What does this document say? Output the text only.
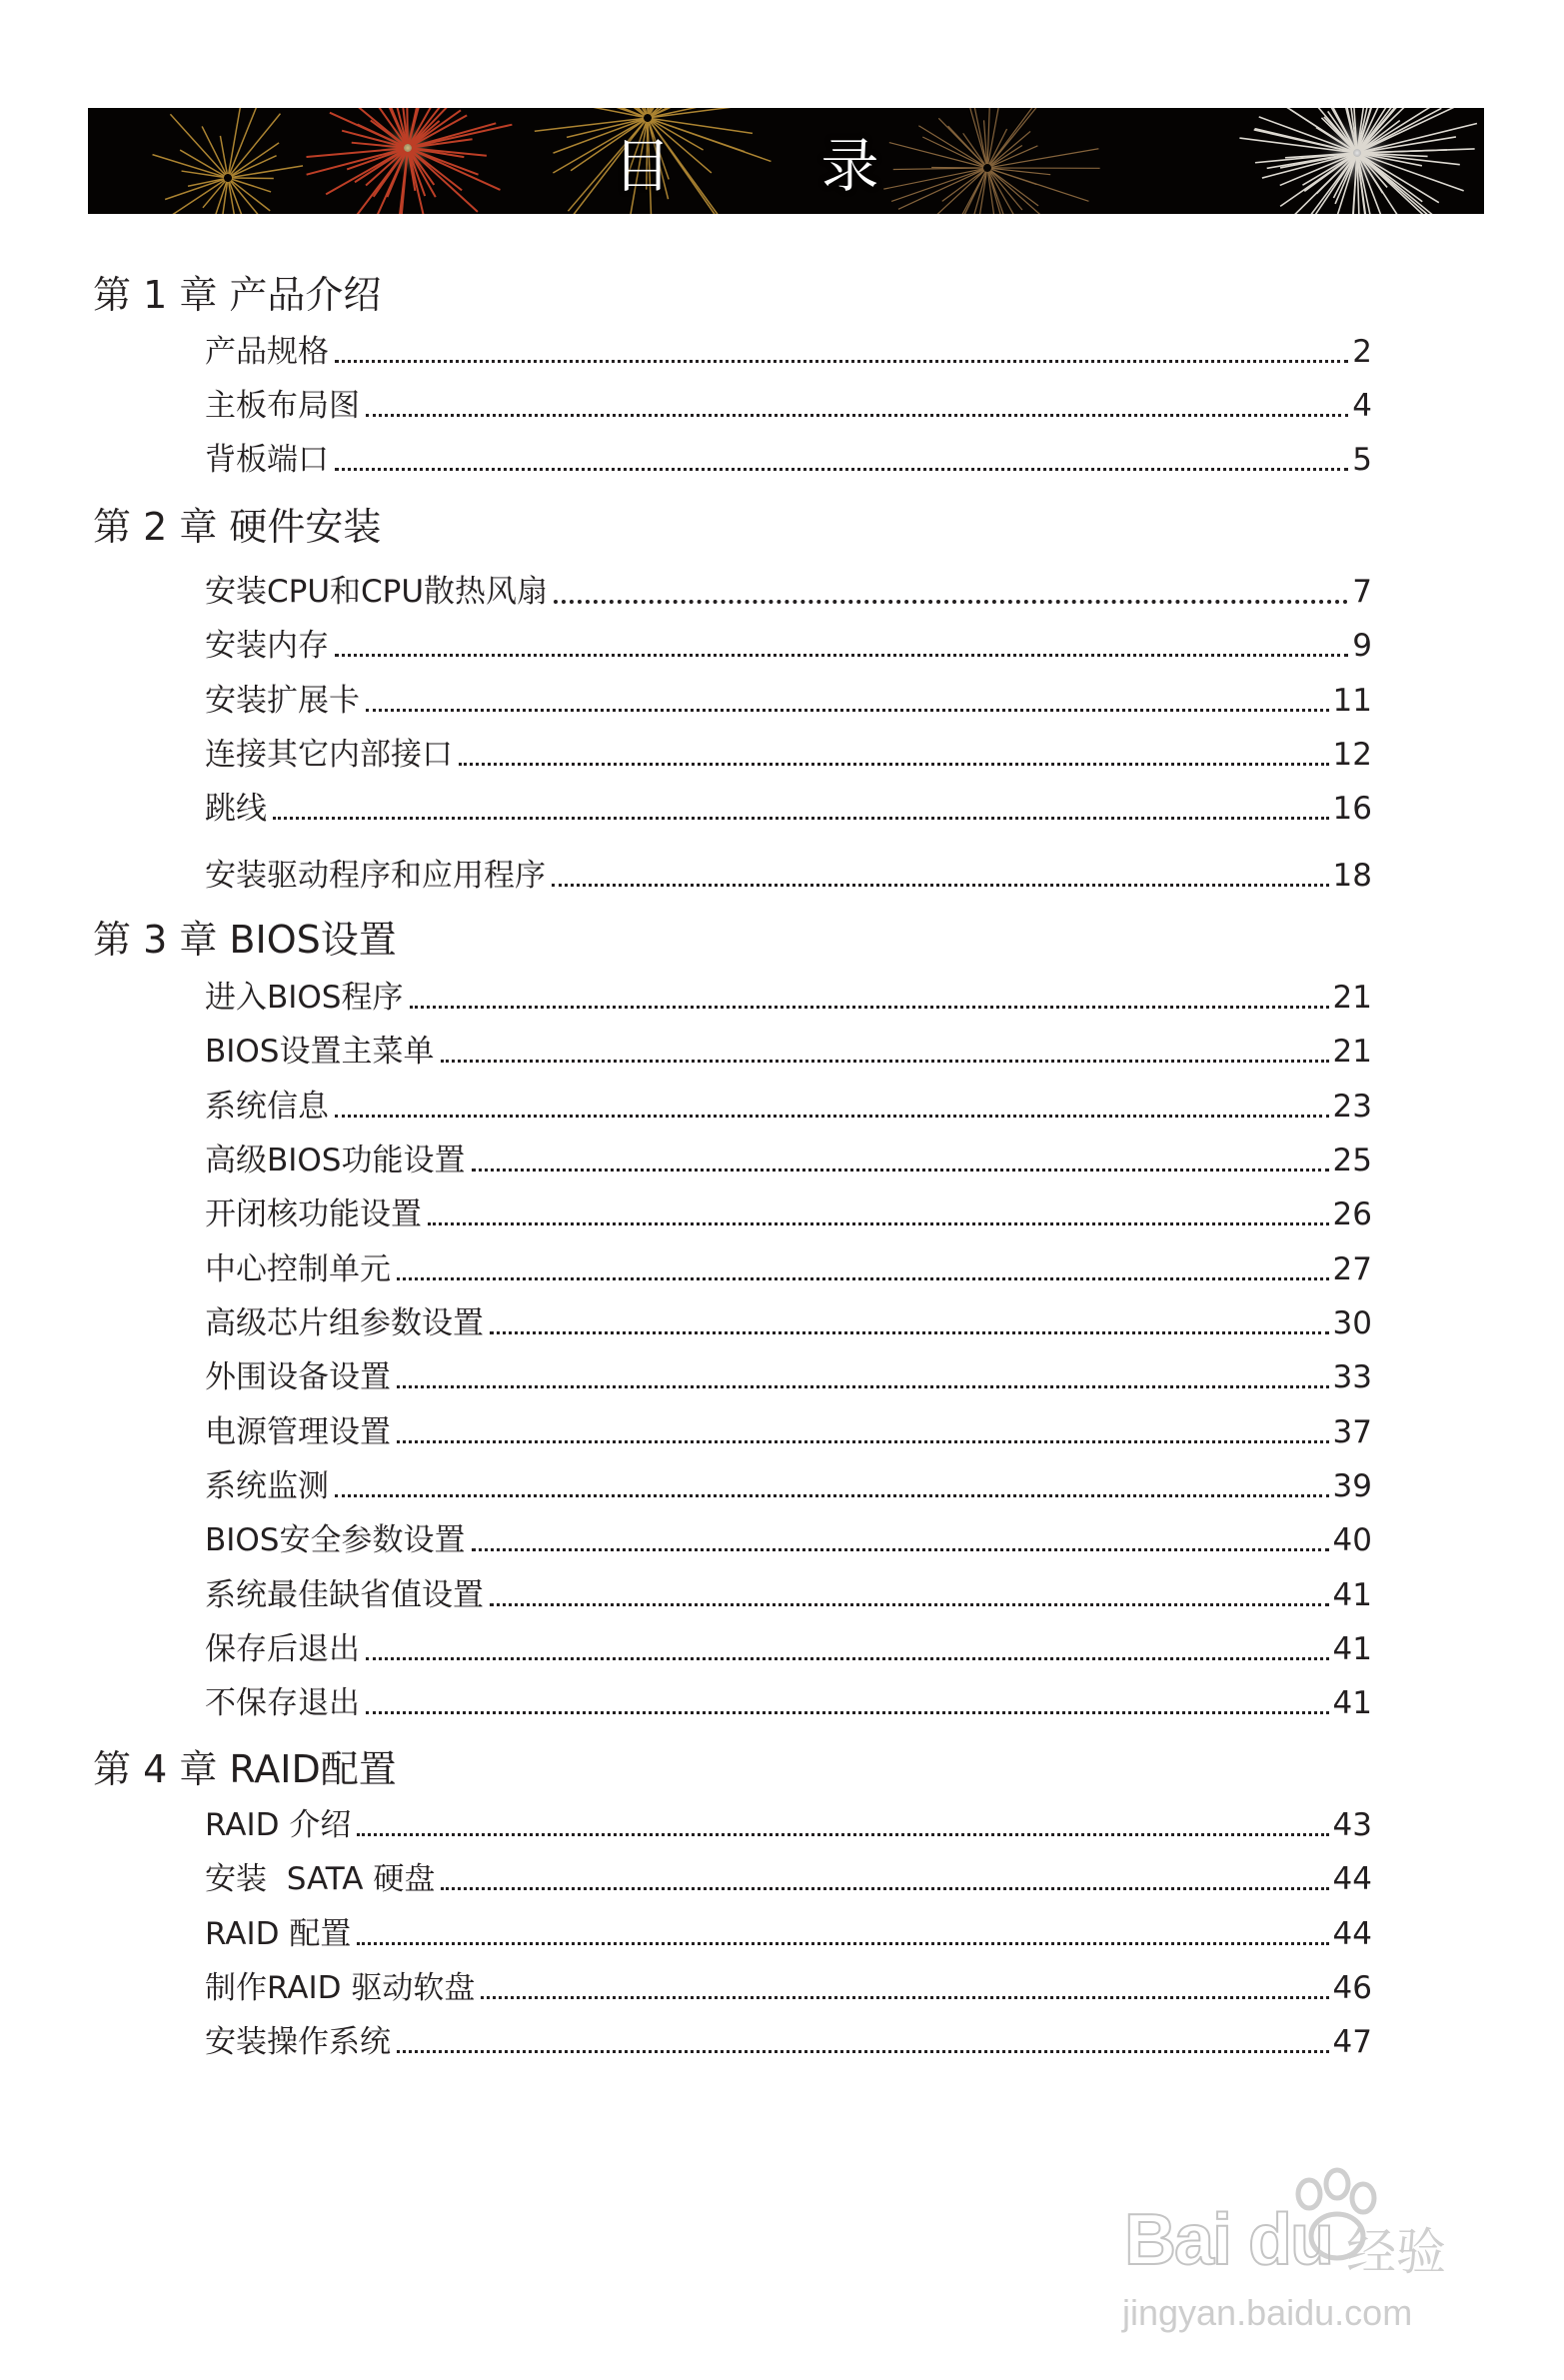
目	录
第 1 章 产品介绍
产品规格	2
主板布局图	4
背板端口	5
第 2 章 硬件安装
安装CPU和CPU散热风扇	7
安装内存	9
安装扩展卡	11
连接其它内部接口	12
跳线	16
安装驱动程序和应用程序	18
第 3 章 BIOS设置
进入BIOS程序	21
BIOS设置主菜单	21
系统信息	23
高级BIOS功能设置	25
开闭核功能设置	26
中心控制单元	27
高级芯片组参数设置	30
外围设备设置	33
电源管理设置	37
系统监测	39
BIOS安全参数设置	40
系统最佳缺省值设置	41
保存后退出	41
不保存退出	41
第 4 章 RAID配置
RAID 介绍	43
安装  SATA 硬盘	44
RAID 配置	44
制作RAID 驱动软盘	46
安装操作系统	47
Bai du 经验
jingyan.baidu.com
